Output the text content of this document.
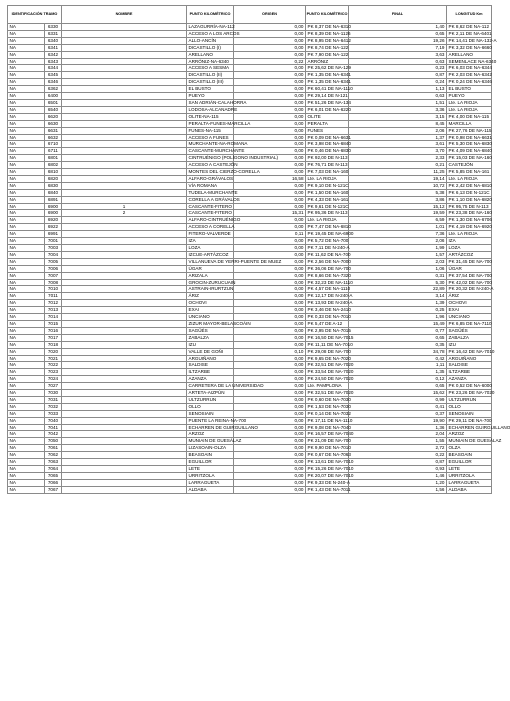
IDENTIFICACIÓN TRAMO		NOMBRE	PUNTO KILOMÉTRICO	ORIGEN	PUNTO KILOMÉTRICO	FINAL	LONGITUD Km	
NA	6330		LAZAGURRÍA-NA-112	0,00	PK 8,37 DE NA-6310	1,40	PK 8,62 DE NA-112	
NA	6331		ACCESO A LOS ARCOS	0,00	PK 8,39 DE NA-1126	0,65	PK 2,11 DE NA-6401	
NA	6340		ALLO-ANCÍN	0,00	PK 8,95 DE NA-6412	19,26	PK 14,41 DE NA-132-A	
NA	6341		DICASTILLO (I)	0,00	PK 8,74 DE NA-122	7,19	PK 3,32 DE NA-6660	
NA	6342		ARELLANO	0,00	PK 7,90 DE NA-122	3,63	ARELLANO	
NA	6343		ARRÓNIZ-NA-6340	0,22	ARRÓNIZ	0,63	SEMENLACE NA-6340	
NA	6344		ACCESO A SESMA	0,00	PK 25,62 DE NA-129	0,23	PK 6,03 DE NA-6344	
NA	6345		DICASTILLO (II)	0,00	PK 1,35 DE NA-6341	0,87	PK 2,03 DE NA-6342	
NA	6346		DICASTILLO (III)	0,00	PK 1,35 DE NA-6341	0,24	PK 0,24 DE NA-6346	
NA	6362		EL BUSTO	0,00	PK 60,41 DE NA-1110	1,13	EL BUSTO	
NA	6400		PUEYO	0,00	PK 29,14 DE N-121	0,63	PUEYO	
NA	6501		SAN ADRIÁN-CALAHORRA	0,00	PK 51,26 DE NA-134	1,51	Lte. LA RIOJA	
NA	6540		LODOSA-ALCANADRE	0,00	PK 6,01 DE NA-6220	3,36	Lte. LA RIOJA	
NA	6620		OLITE-NA-115	0,00	OLITE	3,15	PK 4,00 DE NA-115	
NA	6630		PERALTA-FUNES-MARCILLA	0,00	PERALTA	8,45	MARCILLA	
NA	6631		FUNES-NA-115	0,00	FUNES	2,06	PK 27,76 DE NA-115	
NA	6632		ACCESO A FUNES	0,00	PK 0,09 DE NA-6631	1,37	PK 0,98 DE NA-6631	
NA	6710		MURCHANTE-NA-ROMANA	0,00	PK 3,98 DE NA-6840	3,61	PK 5,30 DE NA-6830	
NA	6711		CASCANTE-MURCHANTE	0,00	PK 0,46 DE NA-6830	3,70	PK 4,09 DE NA-6840	
NA	6801		CINTRUÉNIGO (POLÍGONO INDUSTRIAL)	0,00	PK 92,00 DE N-113	2,33	PK 15,03 DE NA-160	
NA	6802		ACCESO A CASTEJÓN	0,00	PK 76,71 DE N-113	0,21	CASTEJÓN	
NA	6810		MONTES DEL CIERZO-CORELLA	0,00	PK 7,03 DE NA-160	11,25	PK 5,85 DE NA-161	
NA	6820		ALFARO-GRÁVALOS	16,58	Lte. LA RIOJA	19,14	Lte. LA RIOJA	
NA	6830		VÍA ROMANA	0,00	PK 9,10 DE N-121C	10,72	PK 2,42 DE NA-6810	
NA	6840		TUDELA-MURCHANTE	0,00	PK 1,50 DE NA-160	5,38	PK 6,13 DE N-121C	
NA	6891		CORELLA A GRÁVALOS	0,00	PK 4,33 DE NA-161	3,86	PK 1,10 DE NA-6820	
NA	6900	1	CASCANTE-FITERO	0,00	PK 9,61 DE N-121C	15,12	PK 95,75 DE N-113	
NA	6900	2	CASCANTE-FITERO	15,31	PK 95,36 DE N-113	19,59	PK 23,38 DE NA-160	
NA	6920		ALFARO-CINTRUÉNIGO	0,00	Lte. LA RIOJA	6,59	PK 1,30 DE NA-6706	
NA	6922		ACCESO A CORELLA	0,00	PK 7,47 DE NA-6810	1,01	PK 4,19 DE NA-6920	
NA	6991		FITERO-VALVERDE	0,11	PK 19,45 DE NA-6900	7,36	Lte. LA RIOJA	
NA	7001		IZA	0,00	PK 5,72 DE NA-700	2,06	IZA	
NA	7003		LOZA	0,00	PK 7,11 DE N-240-A	1,99	LOZA	
NA	7004		IZCUE-ARTÁZCOZ	0,00	PK 11,62 DE NA-700	1,57	ARTÁZCOZ	
NA	7005		VILLANUEVA DE YERRI-PUENTE DE MUEZ	0,00	PK 2,56 DE NA-7000	2,03	PK 31,45 DE NA-700	
NA	7006		ÚGAR	0,00	PK 36,06 DE NA-700	1,06	ÚGAR	
NA	7007		ARIZALA	0,00	PK 8,66 DE NA-7320	0,31	PK 37,54 DE NA-700	
NA	7008		GROCIN-ZURUCUAIN	0,00	PK 32,23 DE NA-1110	5,30	PK 42,02 DE NA-700	
NA	7010		ASTRAIN-IRURTZUN	0,00	PK 4,57 DE NA-1110	22,89	PK 20,32 DE N-240-A	
NA	7011		ÁRIZ	0,00	PK 12,17 DE N-240-A	3,14	ÁRIZ	
NA	7012		OCHOVI	0,00	PK 13,93 DE N-240-A	1,39	OCHOVI	
NA	7013		EXAI	0,00	PK 3,46 DE NA-2410	0,25	EXAI	
NA	7014		UNCIANO	0,00	PK 0,33 DE NA-7010	1,96	UNCIANO	
NA	7015		ZIZUR MAYOR-BELASCOÁIN	0,00	PK 5,47 DE A-12	15,49	PK 6,85 DE NA-7110	
NA	7016		SAGÜÉS	0,00	PK 2,95 DE NA-7015	0,77	SAGÜÉS	
NA	7017		ZABALZA	0,00	PK 16,50 DE NA-7015	0,65	ZABALZA	
NA	7018		IZU	0,00	PK 11,11 DE NA-7010	0,35	IZU	
NA	7020		VALLE DE GOÑI	0,10	PK 29,08 DE NA-700	34,78	PK 16,42 DE NA-7010	
NA	7021		ARGUIÑANO	0,00	PK 9,65 DE NA-7020	0,42	ARGUIÑANO	
NA	7022		SALDISE	0,00	PK 32,51 DE NA-7020	1,11	SALDISE	
NA	7023		ILTZARBE	0,00	PK 33,54 DE NA-7020	1,35	ILTZARBE	
NA	7024		AZANZA	0,00	PK 24,50 DE NA-7020	0,12	AZANZA	
NA	7027		CARRETERA DE LA UNIVERSIDAD	0,00	Lte. PAMPLONA	0,65	PK 0,52 DE NA-6000	
NA	7030		ARTETA-AIZPÚN	0,00	PK 32,51 DE NA-7020	15,62	PK 23,26 DE NA-7020	
NA	7031		ULTZURRUN	0,00	PK 0,60 DE NA-7030	0,99	ULTZURRUN	
NA	7032		OLLO	0,00	PK 1,53 DE NA-7030	0,41	OLLO	
NA	7033		SENOSIAIN	0,00	PK 0,14 DE NA-7032	0,37	SENOSIAIN	
NA	7040		PUENTE LA REINA-NA-700	0,00	PK 17,11 DE NA-1110	19,90	PK 29,11 DE NA-700	
NA	7041		ECHARREN DE GUIRGUILLANO	0,00	PK 9,08 DE NA-7040	1,36	ECHARREN GUIRGUILLANO	
NA	7042		ARZOZ	0,00	PK 16,57 DE NA-7040	2,04	ARZOZ	
NA	7050		MUNIAIN DE GUESÁLAZ	0,00	PK 21,09 DE NA-700	1,55	MUNIAIN DE GUESÁLAZ	
NA	7061		LIZASOAIN-OLZA	0,00	PK 9,90 DE NA-7010	2,72	OLZA	
NA	7062		BEASOAIN	0,00	PK 0,67 DE NA-7063	0,22	BEASOAIN	
NA	7063		EGUILLOR	0,00	PK 13,61 DE NA-7010	0,87	EGUILLOR	
NA	7064		LETE	0,00	PK 15,26 DE NA-7010	0,93	LETE	
NA	7065		URRITZOLA	0,00	PK 20,07 DE NA-7010	1,46	URRITZOLA	
NA	7066		LARRAGUETA	0,00	PK 9,33 DE N-240-A	1,20	LARRAGUETA	
NA	7067		ALDABA	0,00	PK 1,43 DE NA-7011	1,56	ALDABA	
